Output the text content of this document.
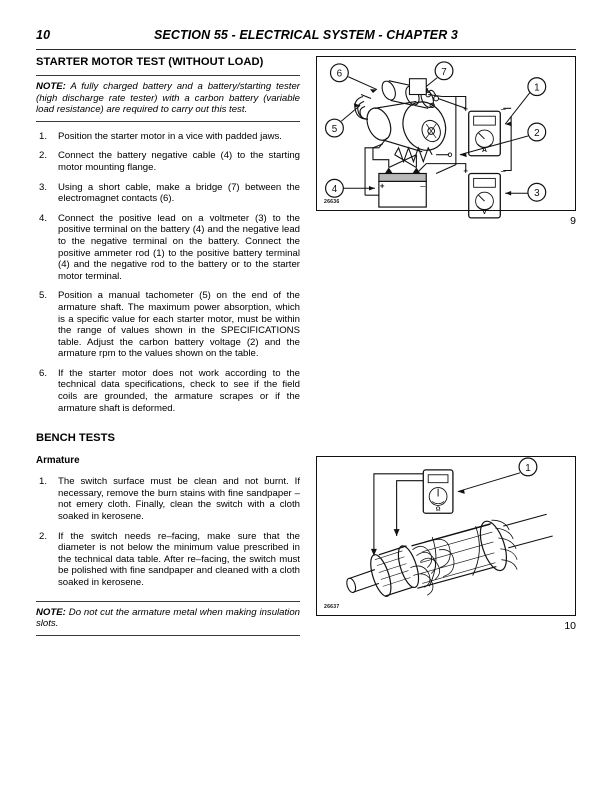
10	SECTION 55 - ELECTRICAL SYSTEM - CHAPTER 3
STARTER MOTOR TEST (WITHOUT LOAD)
NOTE: A fully charged battery and a battery/starting tester (high discharge rate tester) with a carbon battery (variable load resistance) are required to carry out this test.
1.	Position the starter motor in a vice with padded jaws.
2.	Connect the battery negative cable (4) to the starting motor mounting flange.
3.	Using a short cable, make a bridge (7) between the electromagnet contacts (6).
4.	Connect the positive lead on a voltmeter (3) to the positive terminal on the battery (4) and the negative lead to the negative terminal on the battery. Connect the positive ammeter rod (1) to the positive battery terminal (4) and the negative rod to the battery or to the starter motor terminal.
5.	Position a manual tachometer (5) on the end of the armature shaft. The maximum power absorption, which is a specific value for each starter motor, must be within the range of values shown in the SPECIFICATIONS table. Adjust the carbon battery voltage (2) and the armature rpm to the values shown on the table.
6.	If the starter motor does not work according to the technical data specifications, check to see if the field coils are grounded, the armature scrapes or if the armature shaft is deformed.
BENCH TESTS
Armature
1.	The switch surface must be clean and not burnt. If necessary, remove the burn stains with fine sandpaper – not emery cloth. Finally, clean the switch with a cloth soaked in kerosene.
2.	If the switch needs re–facing, make sure that the diameter is not below the minimum value prescribed in the technical data table. After re–facing, the switch must be polished with fine sandpaper and cleaned with a cloth soaked in kerosene.
NOTE: Do not cut the armature metal when making insulation slots.
A
+	–
V
+	–
+	–
6	7
1
5	2
3
4
26636
9
Ω
1
26637
10
